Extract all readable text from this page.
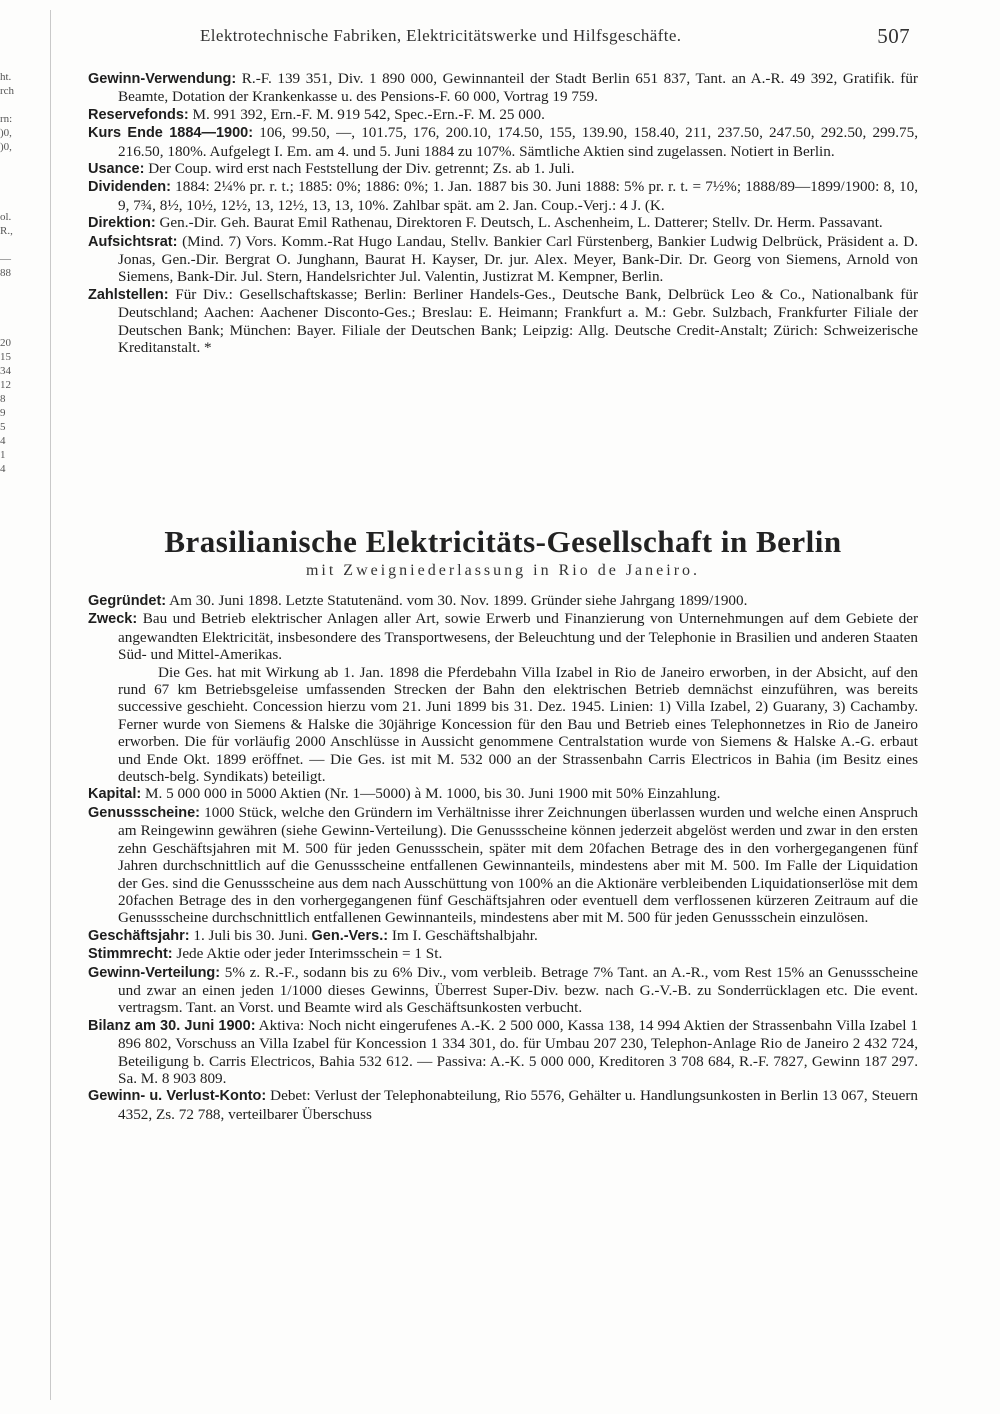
ht.
rch
rn:
)0,
)0,
ol.
R.,
—
88
20
15
34
12
8
9
5
4
1
4
Elektrotechnische Fabriken, Elektricitätswerke und Hilfsgeschäfte.	507

Gewinn-Verwendung: R.-F. 139 351, Div. 1 890 000, Gewinnanteil der Stadt Berlin 651 837, Tant. an A.-R. 49 392, Gratifik. für Beamte, Dotation der Krankenkasse u. des Pensions-F. 60 000, Vortrag 19 759.

Reservefonds: M. 991 392, Ern.-F. M. 919 542, Spec.-Ern.-F. M. 25 000.

Kurs Ende 1884—1900: 106, 99.50, —, 101.75, 176, 200.10, 174.50, 155, 139.90, 158.40, 211, 237.50, 247.50, 292.50, 299.75, 216.50, 180%. Aufgelegt I. Em. am 4. und 5. Juni 1884 zu 107%. Sämtliche Aktien sind zugelassen. Notiert in Berlin.

Usance: Der Coup. wird erst nach Feststellung der Div. getrennt; Zs. ab 1. Juli.

Dividenden: 1884: 2¼% pr. r. t.; 1885: 0%; 1886: 0%; 1. Jan. 1887 bis 30. Juni 1888: 5% pr. r. t. = 7½%; 1888/89—1899/1900: 8, 10, 9, 7¾, 8½, 10½, 12½, 13, 12½, 13, 13, 10%. Zahlbar spät. am 2. Jan. Coup.-Verj.: 4 J. (K.

Direktion: Gen.-Dir. Geh. Baurat Emil Rathenau, Direktoren F. Deutsch, L. Aschenheim, L. Datterer; Stellv. Dr. Herm. Passavant.

Aufsichtsrat: (Mind. 7) Vors. Komm.-Rat Hugo Landau, Stellv. Bankier Carl Fürstenberg, Bankier Ludwig Delbrück, Präsident a. D. Jonas, Gen.-Dir. Bergrat O. Junghann, Baurat H. Kayser, Dr. jur. Alex. Meyer, Bank-Dir. Dr. Georg von Siemens, Arnold von Siemens, Bank-Dir. Jul. Stern, Handelsrichter Jul. Valentin, Justizrat M. Kempner, Berlin.

Zahlstellen: Für Div.: Gesellschaftskasse; Berlin: Berliner Handels-Ges., Deutsche Bank, Delbrück Leo & Co., Nationalbank für Deutschland; Aachen: Aachener Disconto-Ges.; Breslau: E. Heimann; Frankfurt a. M.: Gebr. Sulzbach, Frankfurter Filiale der Deutschen Bank; München: Bayer. Filiale der Deutschen Bank; Leipzig: Allg. Deutsche Credit-Anstalt; Zürich: Schweizerische Kreditanstalt. *

Brasilianische Elektricitäts-Gesellschaft in Berlin
mit Zweigniederlassung in Rio de Janeiro.

Gegründet: Am 30. Juni 1898. Letzte Statutenänd. vom 30. Nov. 1899. Gründer siehe Jahrgang 1899/1900.

Zweck: Bau und Betrieb elektrischer Anlagen aller Art, sowie Erwerb und Finanzierung von Unternehmungen auf dem Gebiete der angewandten Elektricität, insbesondere des Transportwesens, der Beleuchtung und der Telephonie in Brasilien und anderen Staaten Süd- und Mittel-Amerikas.

Die Ges. hat mit Wirkung ab 1. Jan. 1898 die Pferdebahn Villa Izabel in Rio de Janeiro erworben, in der Absicht, auf den rund 67 km Betriebsgeleise umfassenden Strecken der Bahn den elektrischen Betrieb demnächst einzuführen, was bereits successive geschieht. Concession hierzu vom 21. Juni 1899 bis 31. Dez. 1945. Linien: 1) Villa Izabel, 2) Guarany, 3) Cachamby. Ferner wurde von Siemens & Halske die 30jährige Koncession für den Bau und Betrieb eines Telephonnetzes in Rio de Janeiro erworben. Die für vorläufig 2000 Anschlüsse in Aussicht genommene Centralstation wurde von Siemens & Halske A.-G. erbaut und Ende Okt. 1899 eröffnet. — Die Ges. ist mit M. 532 000 an der Strassenbahn Carris Electricos in Bahia (im Besitz eines deutsch-belg. Syndikats) beteiligt.

Kapital: M. 5 000 000 in 5000 Aktien (Nr. 1—5000) à M. 1000, bis 30. Juni 1900 mit 50% Einzahlung.

Genussscheine: 1000 Stück, welche den Gründern im Verhältnisse ihrer Zeichnungen überlassen wurden und welche einen Anspruch am Reingewinn gewähren (siehe Gewinn-Verteilung). Die Genussscheine können jederzeit abgelöst werden und zwar in den ersten zehn Geschäftsjahren mit M. 500 für jeden Genussschein, später mit dem 20fachen Betrage des in den vorhergegangenen fünf Jahren durchschnittlich auf die Genussscheine entfallenen Gewinnanteils, mindestens aber mit M. 500. Im Falle der Liquidation der Ges. sind die Genussscheine aus dem nach Ausschüttung von 100% an die Aktionäre verbleibenden Liquidationserlöse mit dem 20fachen Betrage des in den vorhergegangenen fünf Geschäftsjahren oder eventuell dem verflossenen kürzeren Zeitraum auf die Genussscheine durchschnittlich entfallenen Gewinnanteils, mindestens aber mit M. 500 für jeden Genussschein einzulösen.

Geschäftsjahr: 1. Juli bis 30. Juni. Gen.-Vers.: Im I. Geschäftshalbjahr.

Stimmrecht: Jede Aktie oder jeder Interimsschein = 1 St.

Gewinn-Verteilung: 5% z. R.-F., sodann bis zu 6% Div., vom verbleib. Betrage 7% Tant. an A.-R., vom Rest 15% an Genussscheine und zwar an einen jeden 1/1000 dieses Gewinns, Überrest Super-Div. bezw. nach G.-V.-B. zu Sonderrücklagen etc. Die event. vertragsm. Tant. an Vorst. und Beamte wird als Geschäftsunkosten verbucht.

Bilanz am 30. Juni 1900: Aktiva: Noch nicht eingerufenes A.-K. 2 500 000, Kassa 138, 14 994 Aktien der Strassenbahn Villa Izabel 1 896 802, Vorschuss an Villa Izabel für Koncession 1 334 301, do. für Umbau 207 230, Telephon-Anlage Rio de Janeiro 2 432 724, Beteiligung b. Carris Electricos, Bahia 532 612. — Passiva: A.-K. 5 000 000, Kreditoren 3 708 684, R.-F. 7827, Gewinn 187 297. Sa. M. 8 903 809.

Gewinn- u. Verlust-Konto: Debet: Verlust der Telephonabteilung, Rio 5576, Gehälter u. Handlungsunkosten in Berlin 13 067, Steuern 4352, Zs. 72 788, verteilbarer Überschuss
